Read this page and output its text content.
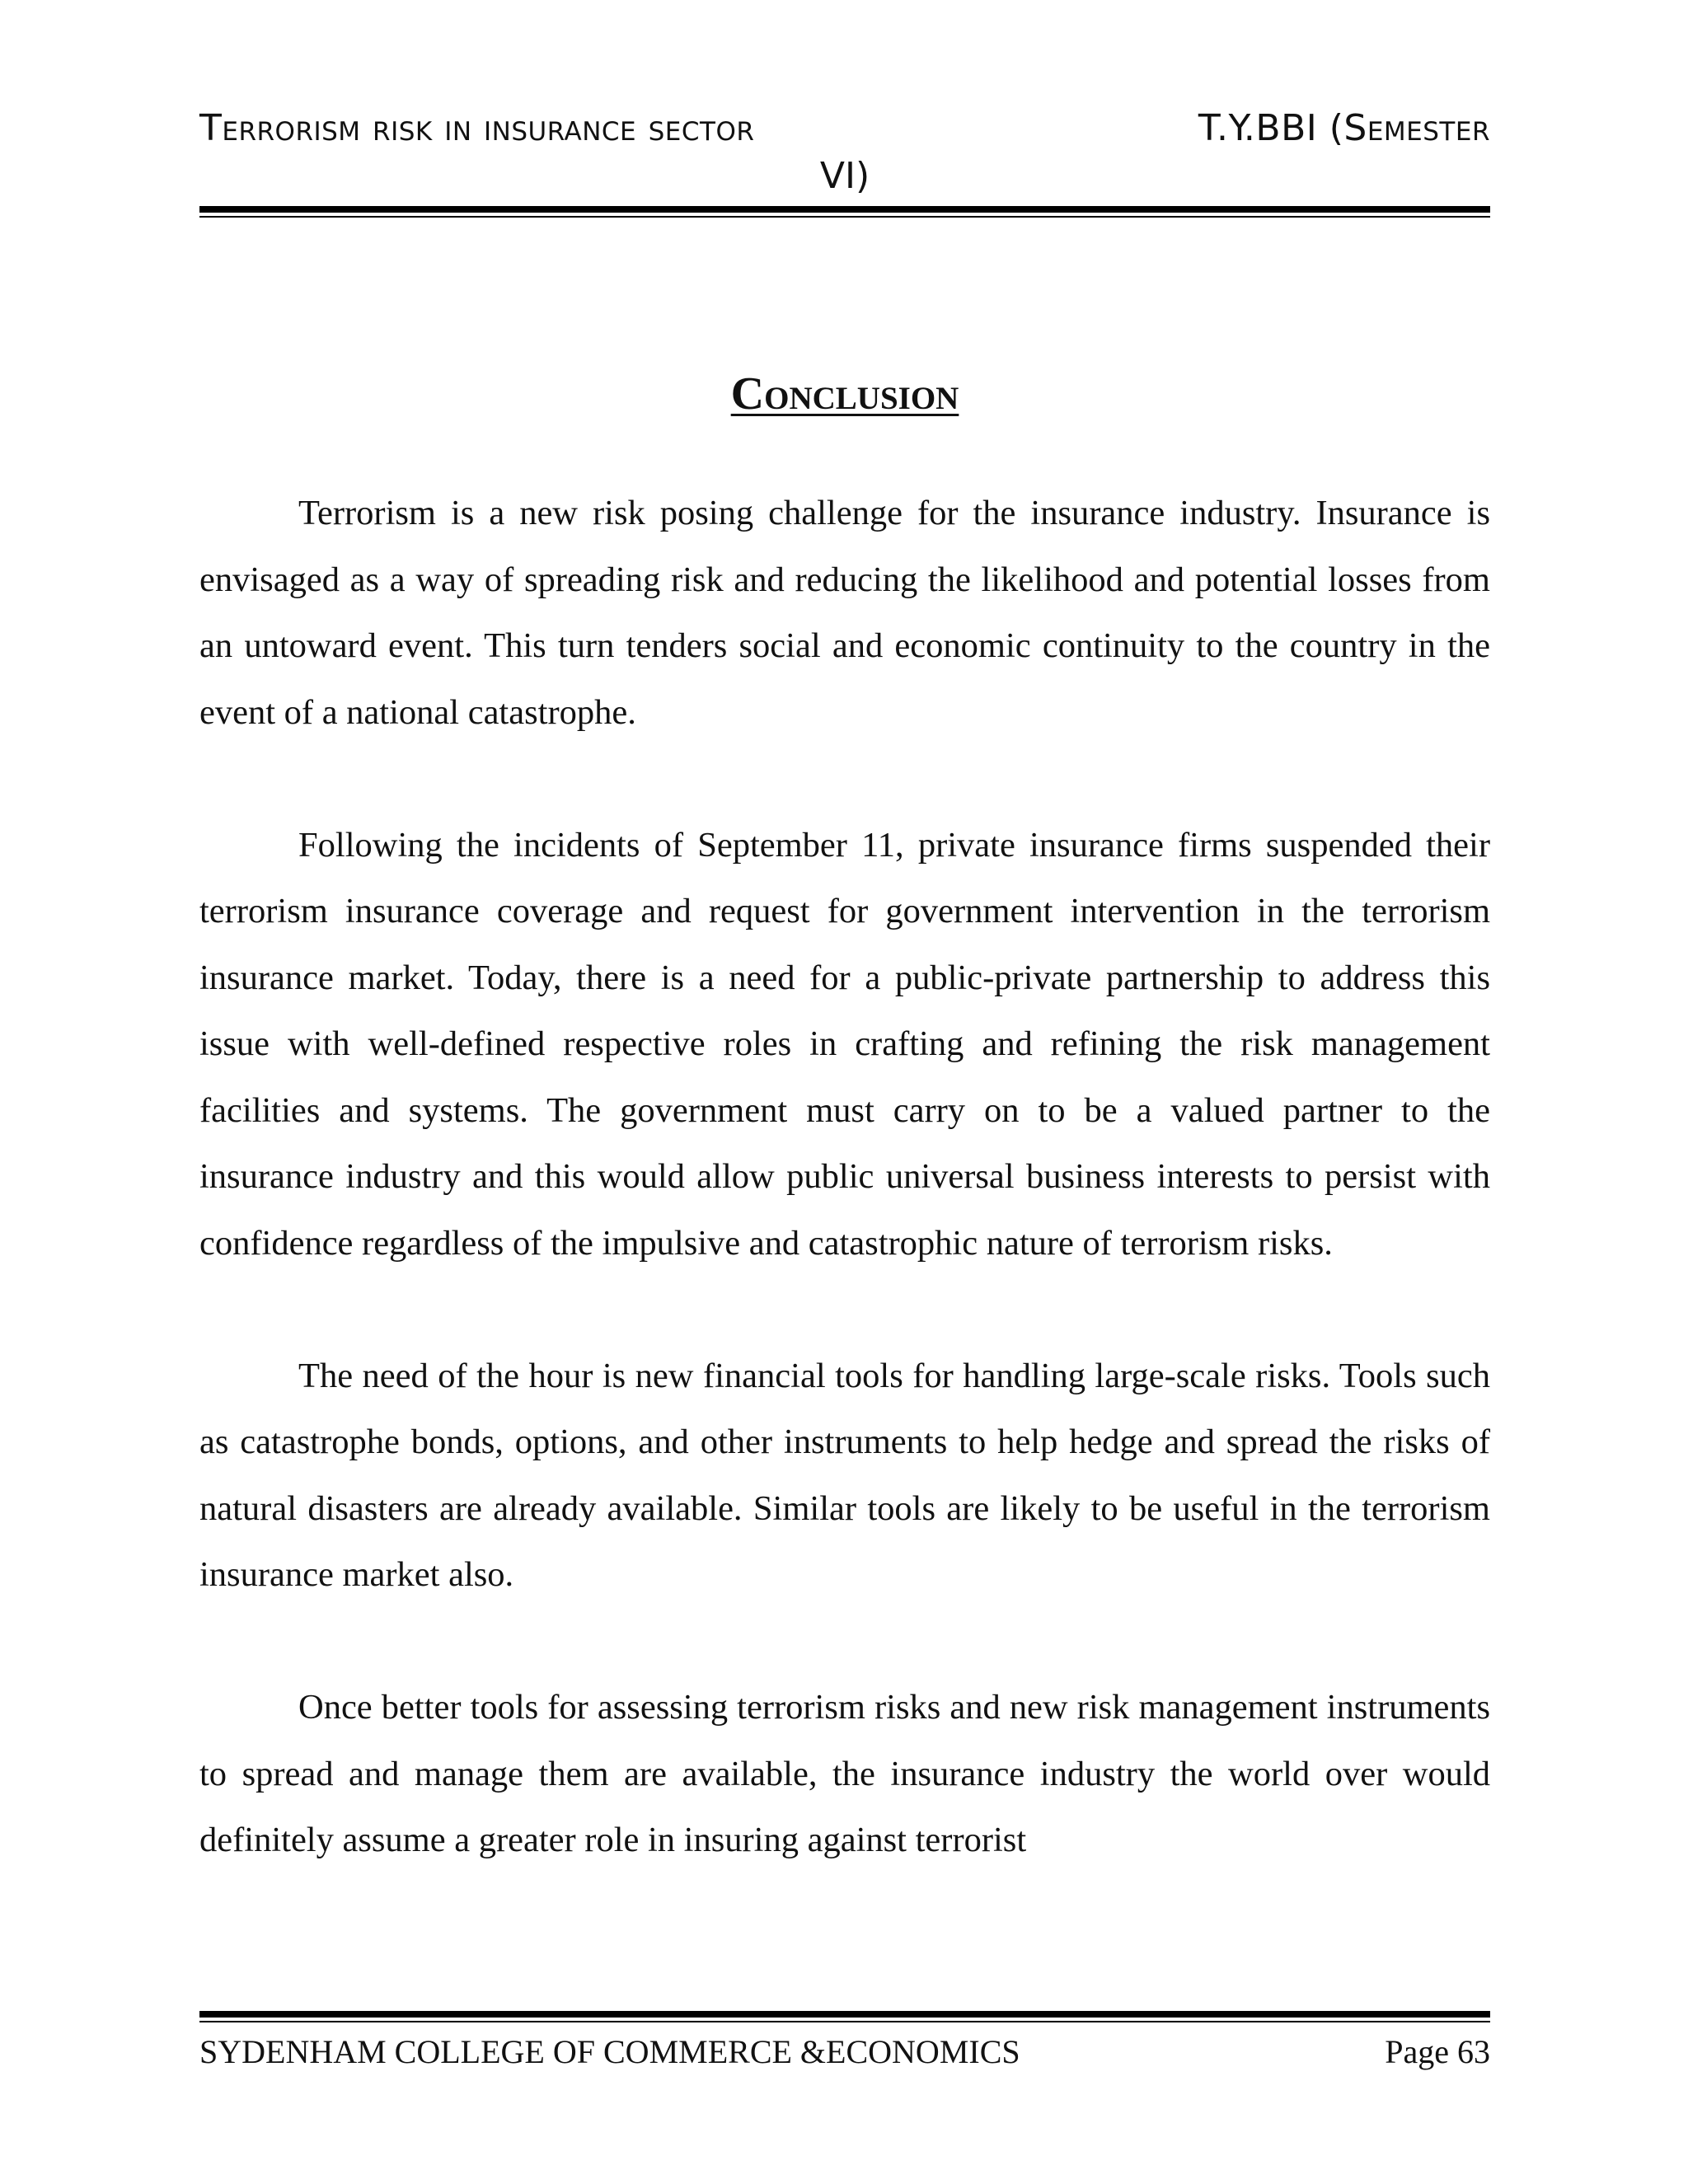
Terrorism risk in insurance sector	T.Y.BBI (Semester
VI)
Conclusion

Terrorism is a new risk posing challenge for the insurance industry. Insurance is envisaged as a way of spreading risk and reducing the likelihood and potential losses from an untoward event. This turn tenders social and economic continuity to the country in the event of a national catastrophe.

Following the incidents of September 11, private insurance firms suspended their terrorism insurance coverage and request for government intervention in the terrorism insurance market. Today, there is a need for a public-private partnership to address this issue with well-defined respective roles in crafting and refining the risk management facilities and systems. The government must carry on to be a valued partner to the insurance industry and this would allow public universal business interests to persist with confidence regardless of the impulsive and catastrophic nature of terrorism risks.

The need of the hour is new financial tools for handling large-scale risks. Tools such as catastrophe bonds, options, and other instruments to help hedge and spread the risks of natural disasters are already available. Similar tools are likely to be useful in the terrorism insurance market also.

Once better tools for assessing terrorism risks and new risk management instruments to spread and manage them are available, the insurance industry the world over would definitely assume a greater role in insuring against terrorist

SYDENHAM COLLEGE OF COMMERCE &ECONOMICS	Page 63
